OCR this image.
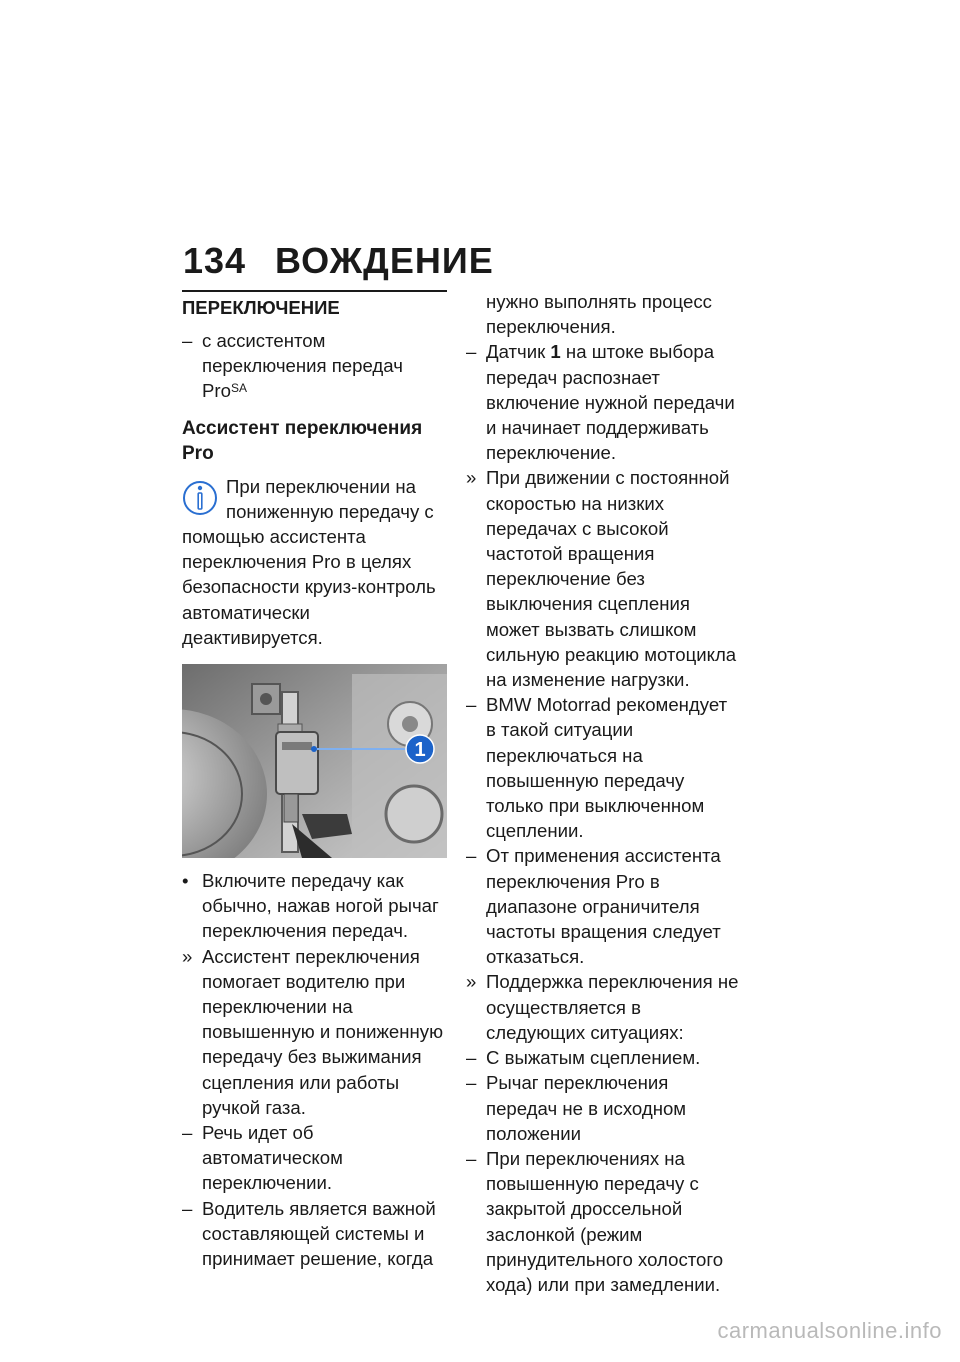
134 ВОЖДЕНИЕ
ПЕРЕКЛЮЧЕНИЕ

– с ассистентом переключения передач Pro$^{SA}$

Ассистент переключения Pro

При переключении на пониженную передачу с помощью ассистента переключения Pro в целях безопасности круиз-контроль автоматически деактивируется.

1

• Включите передачу как обычно, нажав ногой рычаг переключения передач.

» Ассистент переключения помогает водителю при переключении на повышенную и пониженную передачу без выжимания сцепления или работы ручкой газа.

– Речь идет об автоматическом переключении.

– Водитель является важной составляющей системы и принимает решение, когда

нужно выполнять процесс переключения.

– Датчик 1 на штоке выбора передач распознает включение нужной передачи и начинает поддерживать переключение.

» При движении с постоянной скоростью на низких передачах с высокой частотой вращения переключение без выключения сцепления может вызвать слишком сильную реакцию мотоцикла на изменение нагрузки.

– BMW Motorrad рекомендует в такой ситуации переключаться на повышенную передачу только при выключенном сцеплении.

– От применения ассистента переключения Pro в диапазоне ограничителя частоты вращения следует отказаться.

» Поддержка переключения не осуществляется в следующих ситуациях:

– С выжатым сцеплением.

– Рычаг переключения передач не в исходном положении

– При переключениях на повышенную передачу с закрытой дроссельной заслонкой (режим принудительного холостого хода) или при замедлении.

carmanualsonline.info
